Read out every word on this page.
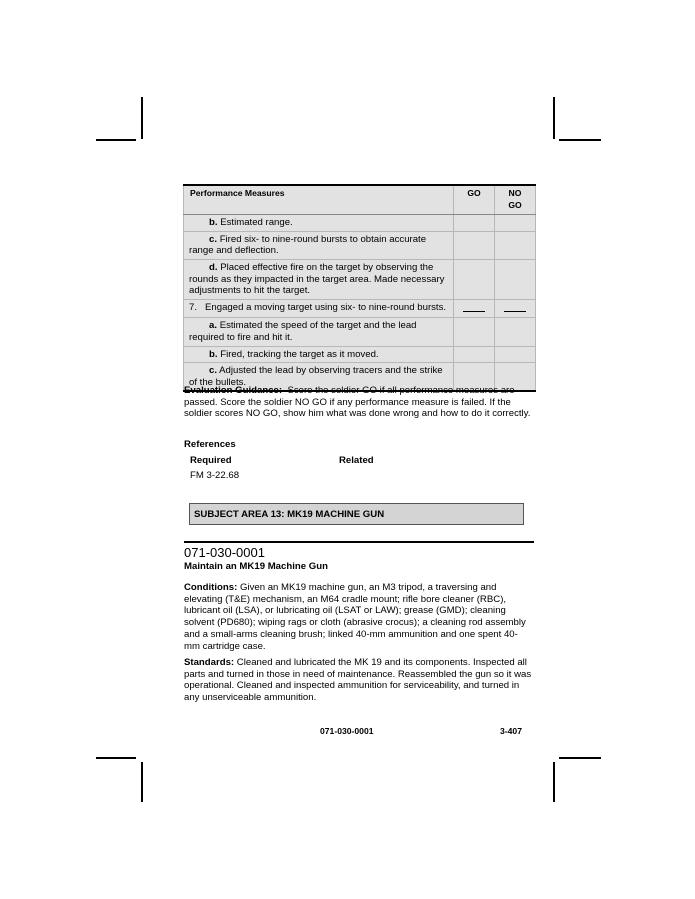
Performance Measures	GO	NO GO
b. Estimated range.		
c. Fired six- to nine-round bursts to obtain accurate range and deflection.		
d. Placed effective fire on the target by observing the rounds as they impacted in the target area. Made necessary adjustments to hit the target.		
7. Engaged a moving target using six- to nine-round bursts.		
a. Estimated the speed of the target and the lead required to fire and hit it.		
b. Fired, tracking the target as it moved.		
c. Adjusted the lead by observing tracers and the strike of the bullets.		
Evaluation Guidance: Score the soldier GO if all performance measures are passed. Score the soldier NO GO if any performance measure is failed. If the soldier scores NO GO, show him what was done wrong and how to do it correctly.
References
Required	Related
FM 3-22.68
SUBJECT AREA 13: MK19 MACHINE GUN
071-030-0001
Maintain an MK19 Machine Gun
Conditions: Given an MK19 machine gun, an M3 tripod, a traversing and elevating (T&E) mechanism, an M64 cradle mount; rifle bore cleaner (RBC), lubricant oil (LSA), or lubricating oil (LSAT or LAW); grease (GMD); cleaning solvent (PD680); wiping rags or cloth (abrasive crocus); a cleaning rod assembly and a small-arms cleaning brush; linked 40-mm ammunition and one spent 40-mm cartridge case.
Standards: Cleaned and lubricated the MK 19 and its components. Inspected all parts and turned in those in need of maintenance. Reassembled the gun so it was operational. Cleaned and inspected ammunition for serviceability, and turned in any unserviceable ammunition.
071-030-0001	3-407
